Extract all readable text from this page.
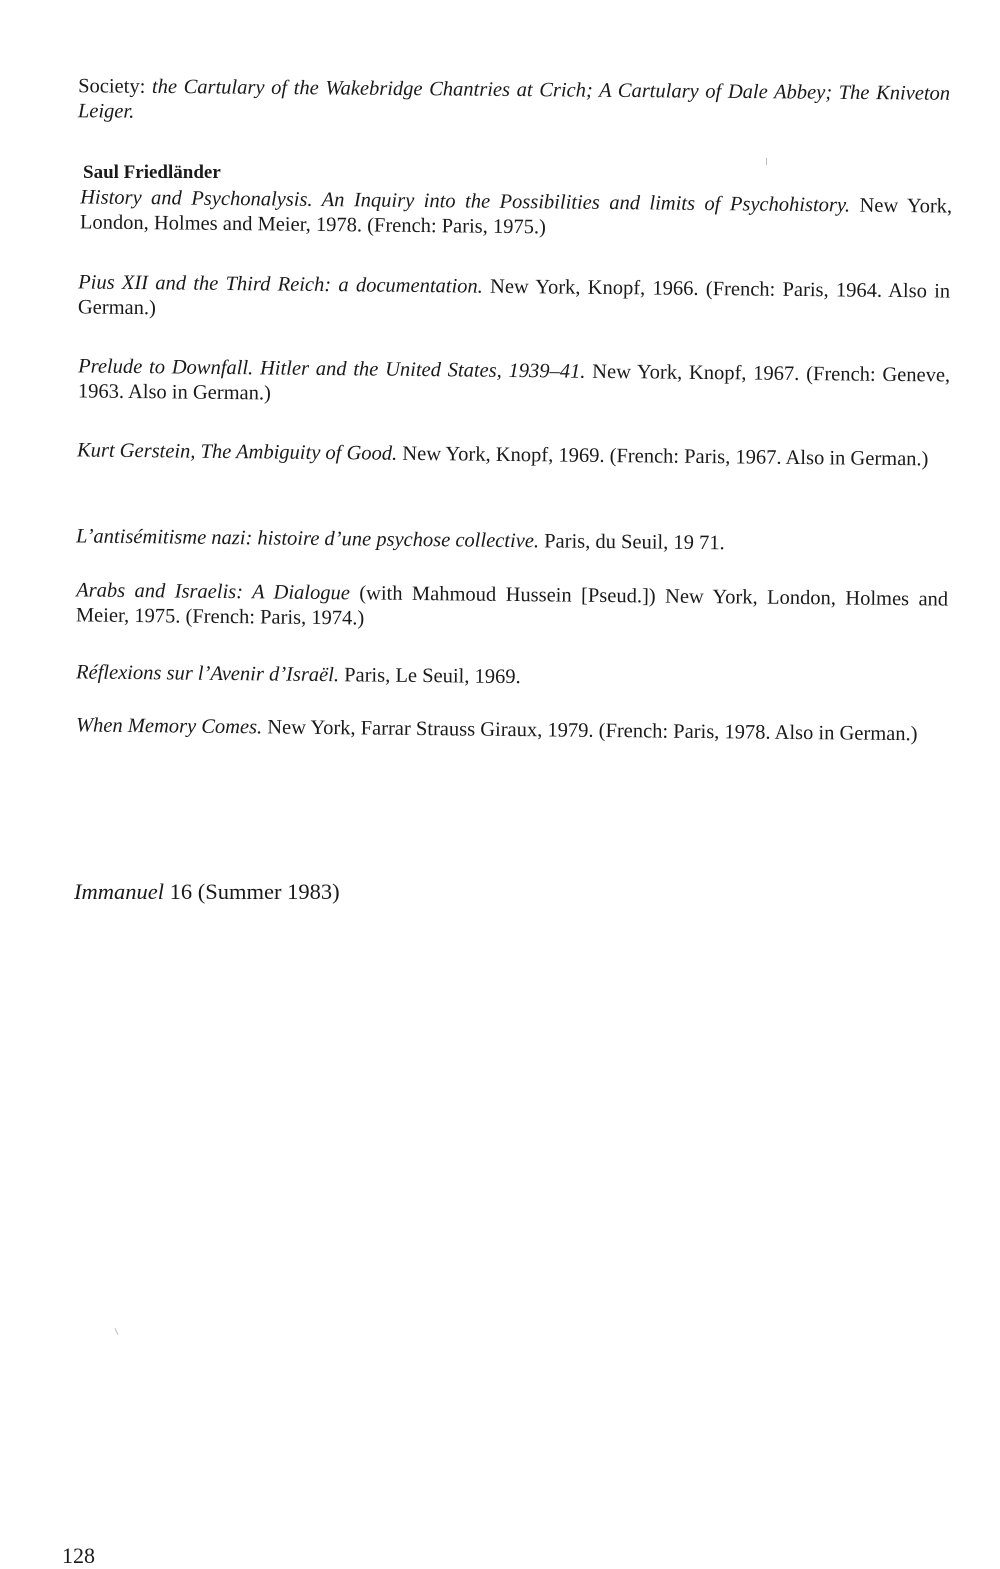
Society: the Cartulary of the Wakebridge Chantries at Crich; A Cartulary of Dale Abbey; The Kniveton Leiger.

Saul Friedländer

History and Psychonalysis. An Inquiry into the Possibilities and limits of Psychohistory. New York, London, Holmes and Meier, 1978. (French: Paris, 1975.)

Pius XII and the Third Reich: a documentation. New York, Knopf, 1966. (French: Paris, 1964. Also in German.)

Prelude to Downfall. Hitler and the United States, 1939–41. New York, Knopf, 1967. (French: Geneve, 1963. Also in German.)

Kurt Gerstein, The Ambiguity of Good. New York, Knopf, 1969. (French: Paris, 1967. Also in German.)

L’antisémitisme nazi: histoire d’une psychose collective. Paris, du Seuil, 19 71.

Arabs and Israelis: A Dialogue (with Mahmoud Hussein [Pseud.]) New York, London, Holmes and Meier, 1975. (French: Paris, 1974.)

Réflexions sur l’Avenir d’Israël. Paris, Le Seuil, 1969.

When Memory Comes. New York, Farrar Strauss Giraux, 1979. (French: Paris, 1978. Also in German.)

Immanuel 16 (Summer 1983)

128
